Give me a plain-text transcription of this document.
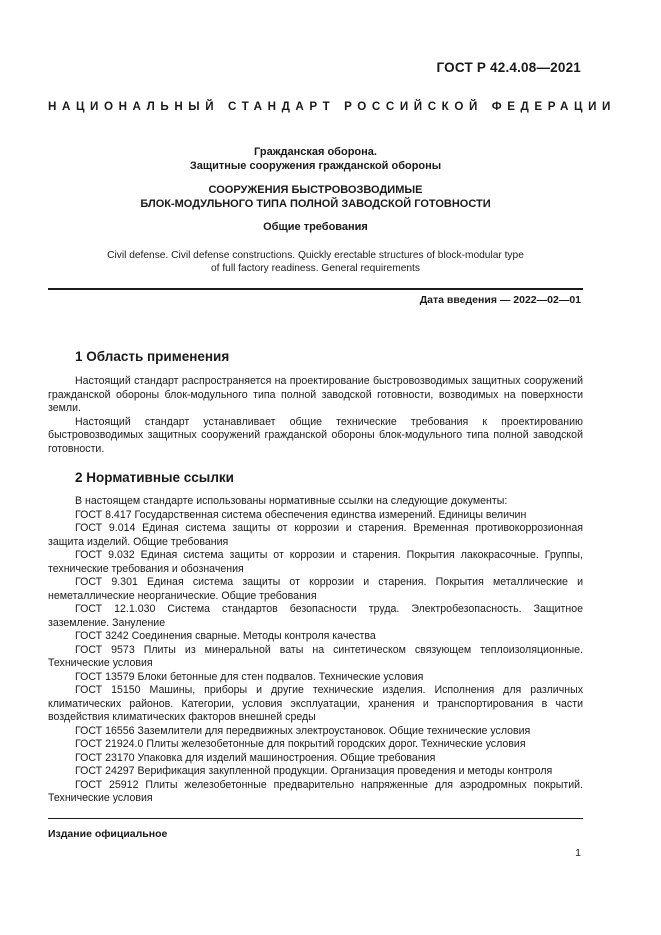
ГОСТ Р 42.4.08—2021
НАЦИОНАЛЬНЫЙ СТАНДАРТ РОССИЙСКОЙ ФЕДЕРАЦИИ
Гражданская оборона.
Защитные сооружения гражданской обороны
СООРУЖЕНИЯ БЫСТРОВОЗВОДИМЫЕ
БЛОК-МОДУЛЬНОГО ТИПА ПОЛНОЙ ЗАВОДСКОЙ ГОТОВНОСТИ
Общие требования
Civil defense. Civil defense constructions. Quickly erectable structures of block-modular type
of full factory readiness. General requirements
Дата введения — 2022—02—01
1 Область применения

Настоящий стандарт распространяется на проектирование быстровозводимых защитных сооружений гражданской обороны блок-модульного типа полной заводской готовности, возводимых на поверхности земли.

Настоящий стандарт устанавливает общие технические требования к проектированию быстровозводимых защитных сооружений гражданской обороны блок-модульного типа полной заводской готовности.

2 Нормативные ссылки

В настоящем стандарте использованы нормативные ссылки на следующие документы:

ГОСТ 8.417 Государственная система обеспечения единства измерений. Единицы величин

ГОСТ 9.014 Единая система защиты от коррозии и старения. Временная противокоррозионная защита изделий. Общие требования

ГОСТ 9.032 Единая система защиты от коррозии и старения. Покрытия лакокрасочные. Группы, технические требования и обозначения

ГОСТ 9.301 Единая система защиты от коррозии и старения. Покрытия металлические и неметаллические неорганические. Общие требования

ГОСТ 12.1.030 Система стандартов безопасности труда. Электробезопасность. Защитное заземление. Зануление

ГОСТ 3242 Соединения сварные. Методы контроля качества

ГОСТ 9573 Плиты из минеральной ваты на синтетическом связующем теплоизоляционные. Технические условия

ГОСТ 13579 Блоки бетонные для стен подвалов. Технические условия

ГОСТ 15150 Машины, приборы и другие технические изделия. Исполнения для различных климатических районов. Категории, условия эксплуатации, хранения и транспортирования в части воздействия климатических факторов внешней среды

ГОСТ 16556 Заземлители для передвижных электроустановок. Общие технические условия

ГОСТ 21924.0 Плиты железобетонные для покрытий городских дорог. Технические условия

ГОСТ 23170 Упаковка для изделий машиностроения. Общие требования

ГОСТ 24297 Верификация закупленной продукции. Организация проведения и методы контроля

ГОСТ 25912 Плиты железобетонные предварительно напряженные для аэродромных покрытий. Технические условия

Издание официальное
1
